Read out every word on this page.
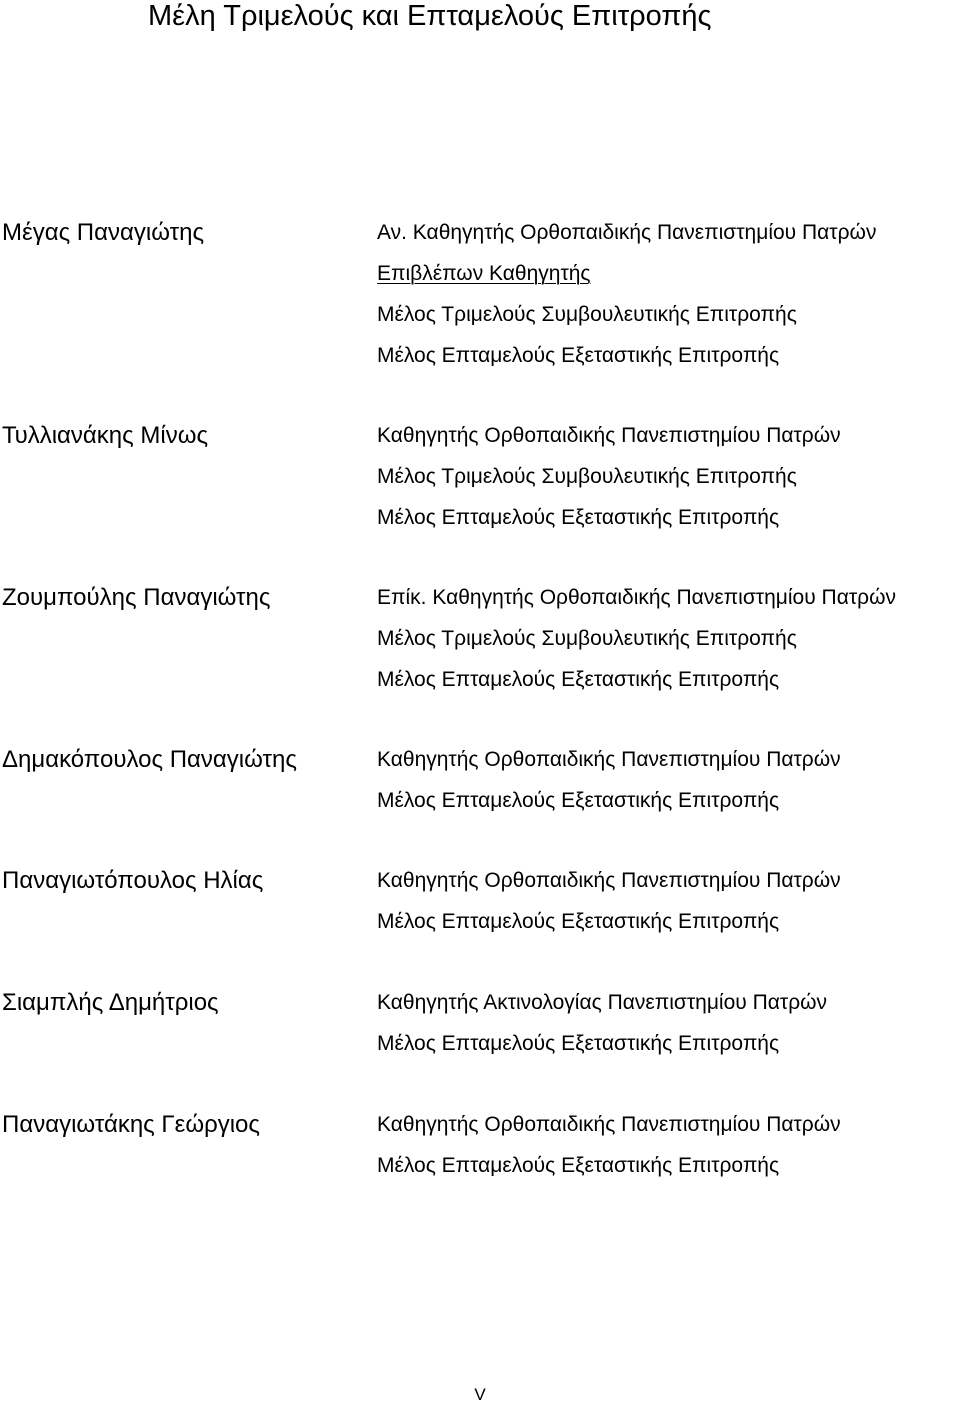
Μέλη Τριμελούς και Επταμελούς Επιτροπής
Μέγας Παναγιώτης	Αν. Καθηγητής Ορθοπαιδικής Πανεπιστημίου Πατρών
Επιβλέπων Καθηγητής
Μέλος Τριμελούς Συμβουλευτικής Επιτροπής
Μέλος Επταμελούς Εξεταστικής Επιτροπής
Τυλλιανάκης Μίνως	Καθηγητής Ορθοπαιδικής Πανεπιστημίου Πατρών
Μέλος Τριμελούς Συμβουλευτικής Επιτροπής
Μέλος Επταμελούς Εξεταστικής Επιτροπής
Ζουμπούλης Παναγιώτης	Επίκ. Καθηγητής Ορθοπαιδικής Πανεπιστημίου Πατρών
Μέλος Τριμελούς Συμβουλευτικής Επιτροπής
Μέλος Επταμελούς Εξεταστικής Επιτροπής
Δημακόπουλος Παναγιώτης	Καθηγητής Ορθοπαιδικής Πανεπιστημίου Πατρών
Μέλος Επταμελούς Εξεταστικής Επιτροπής
Παναγιωτόπουλος Ηλίας	Καθηγητής Ορθοπαιδικής Πανεπιστημίου Πατρών
Μέλος Επταμελούς Εξεταστικής Επιτροπής
Σιαμπλής Δημήτριος	Καθηγητής Ακτινολογίας Πανεπιστημίου Πατρών
Μέλος Επταμελούς Εξεταστικής Επιτροπής
Παναγιωτάκης Γεώργιος	Καθηγητής Ορθοπαιδικής Πανεπιστημίου Πατρών
Μέλος Επταμελούς Εξεταστικής Επιτροπής
V
